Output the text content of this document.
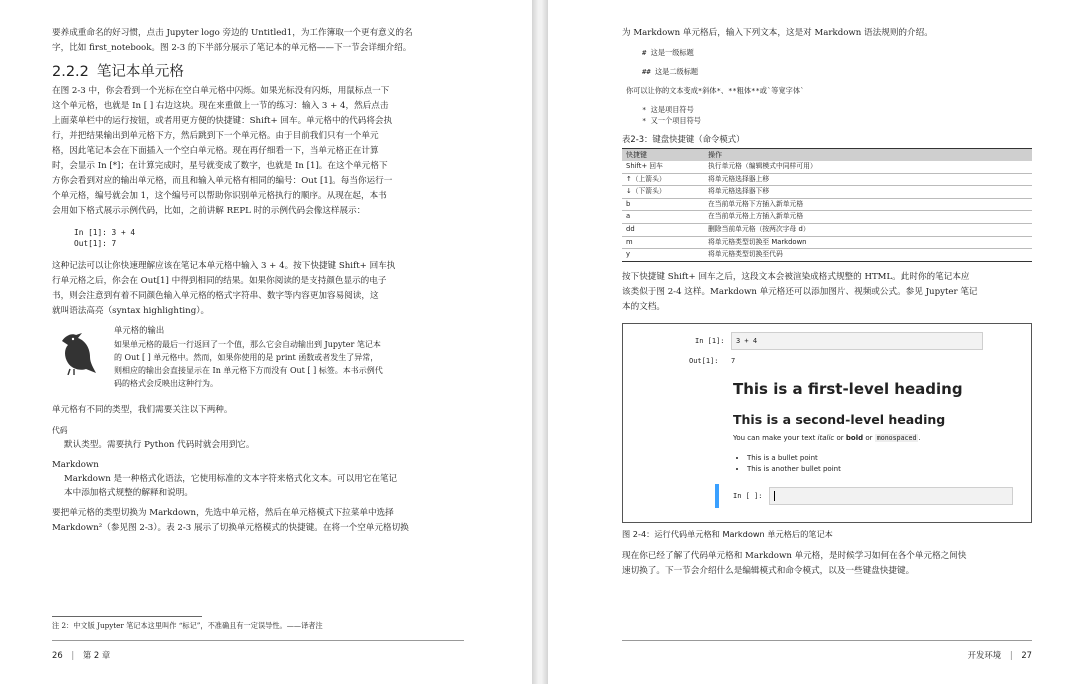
要养成重命名的好习惯，点击 Jupyter logo 旁边的 Untitled1，为工作簿取一个更有意义的名

字，比如 first_notebook。图 2-3 的下半部分展示了笔记本的单元格——下一节会详细介绍。

2.2.2 笔记本单元格

在图 2-3 中，你会看到一个光标在空白单元格中闪烁。如果光标没有闪烁，用鼠标点一下

这个单元格，也就是 In [ ] 右边这块。现在来重做上一节的练习：输入 3 + 4，然后点击

上面菜单栏中的运行按钮，或者用更方便的快捷键：Shift+ 回车。单元格中的代码将会执

行，并把结果输出到单元格下方，然后跳到下一个单元格。由于目前我们只有一个单元

格，因此笔记本会在下面插入一个空白单元格。现在再仔细看一下，当单元格正在计算

时，会显示 In [*]；在计算完成时，星号就变成了数字，也就是 In [1]。在这个单元格下

方你会看到对应的输出单元格，而且和输入单元格有相同的编号：Out [1]。每当你运行一

个单元格，编号就会加 1，这个编号可以帮助你识别单元格执行的顺序。从现在起，本书

会用如下格式展示示例代码，比如，之前讲解 REPL 时的示例代码会像这样展示：

In [1]: 3 + 4
Out[1]: 7

这种记法可以让你快速理解应该在笔记本单元格中输入 3 + 4。按下快捷键 Shift+ 回车执

行单元格之后，你会在 Out[1] 中得到相同的结果。如果你阅读的是支持颜色显示的电子

书，则会注意到有着不同颜色输入单元格的格式字符串、数字等内容更加容易阅读，这

就叫语法高亮（syntax highlighting）。

单元格的输出
如果单元格的最后一行返回了一个值，那么它会自动输出到 Jupyter 笔记本
的 Out [ ] 单元格中。然而，如果你使用的是 print 函数或者发生了异常，
则相应的输出会直接显示在 In 单元格下方而没有 Out [ ] 标签。本书示例代
码的格式会反映出这种行为。

单元格有不同的类型，我们需要关注以下两种。

代码
默认类型。需要执行 Python 代码时就会用到它。
Markdown
Markdown 是一种格式化语法，它使用标准的文本字符来格式化文本。可以用它在笔记
本中添加格式规整的解释和说明。

要把单元格的类型切换为 Markdown，先选中单元格，然后在单元格模式下拉菜单中选择

Markdown²（参见图 2-3）。表 2-3 展示了切换单元格模式的快捷键。在将一个空单元格切换

注 2：中文版 Jupyter 笔记本这里叫作 “标记”，不准确且有一定误导性。——译者注
26 | 第 2 章

为 Markdown 单元格后，输入下列文本，这是对 Markdown 语法规则的介绍。

# 这是一级标题
## 这是二级标题
你可以让你的文本变成*斜体*、**粗体**或`等宽字体`
* 这是项目符号
* 又一个项目符号
表2-3：键盘快捷键（命令模式）
快捷键	操作
Shift+ 回车	执行单元格（编辑模式中同样可用）
↑（上箭头）	将单元格选择器上移
↓（下箭头）	将单元格选择器下移
b	在当前单元格下方插入新单元格
a	在当前单元格上方插入新单元格
dd	删除当前单元格（按两次字母 d）
m	将单元格类型切换至 Markdown
y	将单元格类型切换至代码

按下快捷键 Shift+ 回车之后，这段文本会被渲染成格式规整的 HTML。此时你的笔记本应

该类似于图 2-4 这样。Markdown 单元格还可以添加图片、视频或公式。参见 Jupyter 笔记

本的文档。

In [1]:	3 + 4
Out[1]: 7
This is a first-level heading
This is a second-level heading
You can make your text italic or bold or monospaced .
• This is a bullet point
• This is another bullet point
In [ ]:
图 2-4：运行代码单元格和 Markdown 单元格后的笔记本

现在你已经了解了代码单元格和 Markdown 单元格，是时候学习如何在各个单元格之间快

速切换了。下一节会介绍什么是编辑模式和命令模式，以及一些键盘快捷键。

开发环境 | 27
